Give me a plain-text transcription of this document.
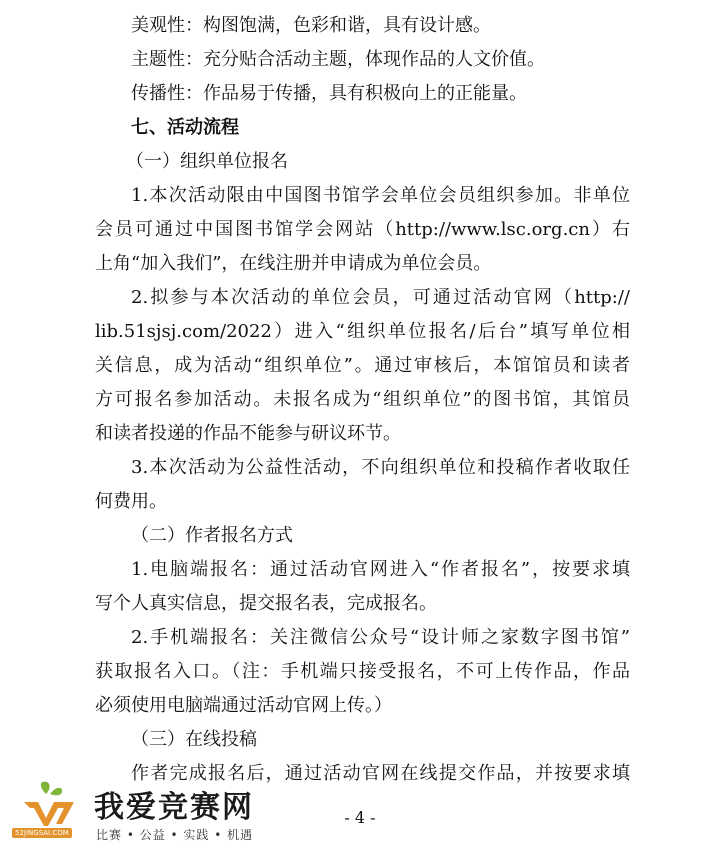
美观性：构图饱满，色彩和谐，具有设计感。
主题性：充分贴合活动主题，体现作品的人文价值。
传播性：作品易于传播，具有积极向上的正能量。
七、活动流程
（一）组织单位报名
1.本次活动限由中国图书馆学会单位会员组织参加。非单位
会员可通过中国图书馆学会网站（http://www.lsc.org.cn）右
上角“加入我们”，在线注册并申请成为单位会员。
2.拟参与本次活动的单位会员，可通过活动官网（http://
lib.51sjsj.com/2022）进入“组织单位报名/后台”填写单位相
关信息，成为活动“组织单位”。通过审核后，本馆馆员和读者
方可报名参加活动。未报名成为“组织单位”的图书馆，其馆员
和读者投递的作品不能参与研议环节。
3.本次活动为公益性活动，不向组织单位和投稿作者收取任
何费用。
（二）作者报名方式
1.电脑端报名：通过活动官网进入“作者报名”，按要求填
写个人真实信息，提交报名表，完成报名。
2.手机端报名：关注微信公众号“设计师之家数字图书馆”
获取报名入口。（注：手机端只接受报名，不可上传作品，作品
必须使用电脑端通过活动官网上传。）
（三）在线投稿
作者完成报名后，通过活动官网在线提交作品，并按要求填
- 4 -
我爱竞赛网
52JINGSAI.COM 比赛 • 公益 • 实践 • 机遇
